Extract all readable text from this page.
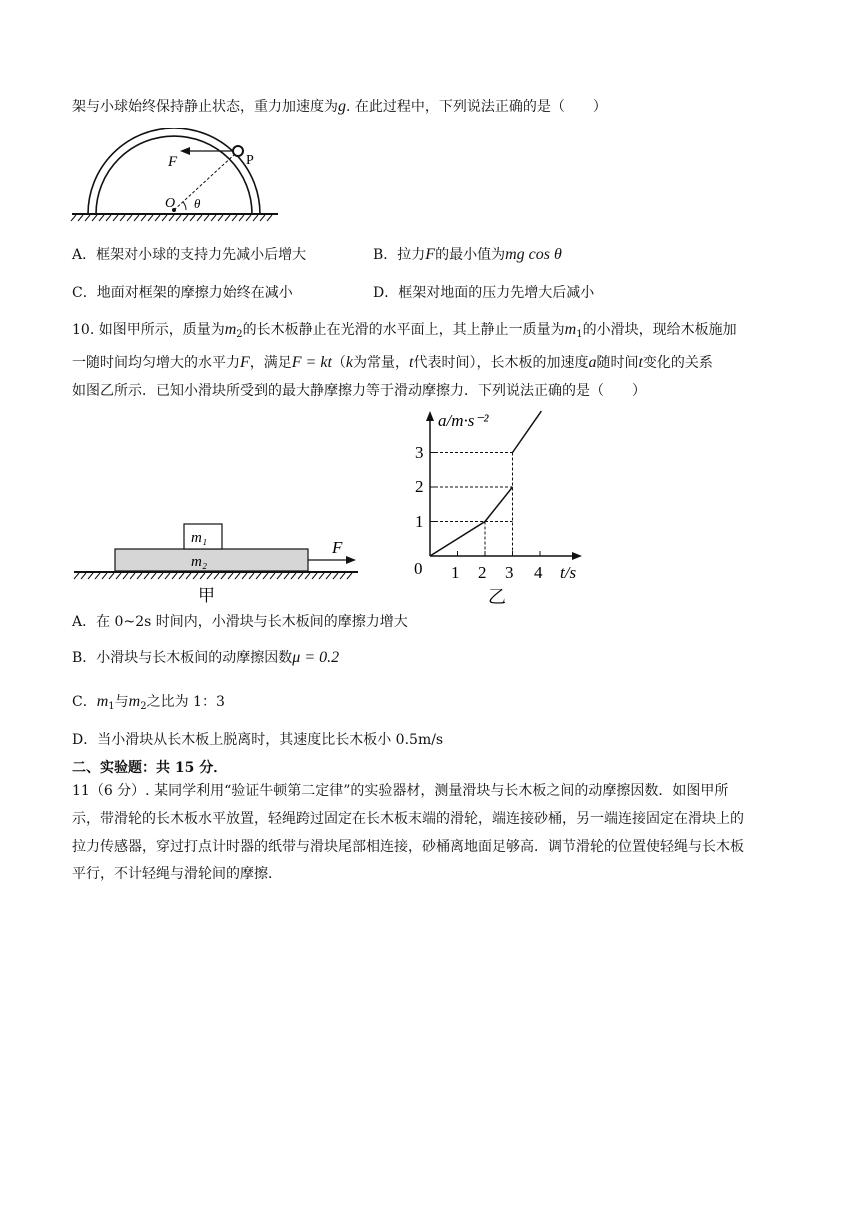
架与小球始终保持静止状态，重力加速度为g. 在此过程中，下列说法正确的是（　　）
F	P
O θ
A．框架对小球的支持力先减小后增大	B．拉力F的最小值为mg cos θ
C．地面对框架的摩擦力始终在减小	D．框架对地面的压力先增大后减小
10. 如图甲所示，质量为$m_2$的长木板静止在光滑的水平面上，其上静止一质量为$m_1$的小滑块，现给木板施加
一随时间均匀增大的水平力F，满足F = kt（k为常量，t代表时间），长木板的加速度a随时间t变化的关系
如图乙所示．已知小滑块所受到的最大静摩擦力等于滑动摩擦力．下列说法正确的是（　　）
m₁
m₂
F
甲
a/m·s⁻²
t/s
0 1 2 3 4
1
2
3
乙
A．在 0~2s 时间内，小滑块与长木板间的摩擦力增大
B．小滑块与长木板间的动摩擦因数μ = 0.2
C．$m_1$与$m_2$之比为 1：3
D．当小滑块从长木板上脱离时，其速度比长木板小 0.5m/s
二、实验题：共 15 分．
11（6 分）. 某同学利用“验证牛顿第二定律”的实验器材，测量滑块与长木板之间的动摩擦因数．如图甲所
示，带滑轮的长木板水平放置，轻绳跨过固定在长木板末端的滑轮，端连接砂桶，另一端连接固定在滑块上的
拉力传感器，穿过打点计时器的纸带与滑块尾部相连接，砂桶离地面足够高．调节滑轮的位置使轻绳与长木板
平行，不计轻绳与滑轮间的摩擦．
